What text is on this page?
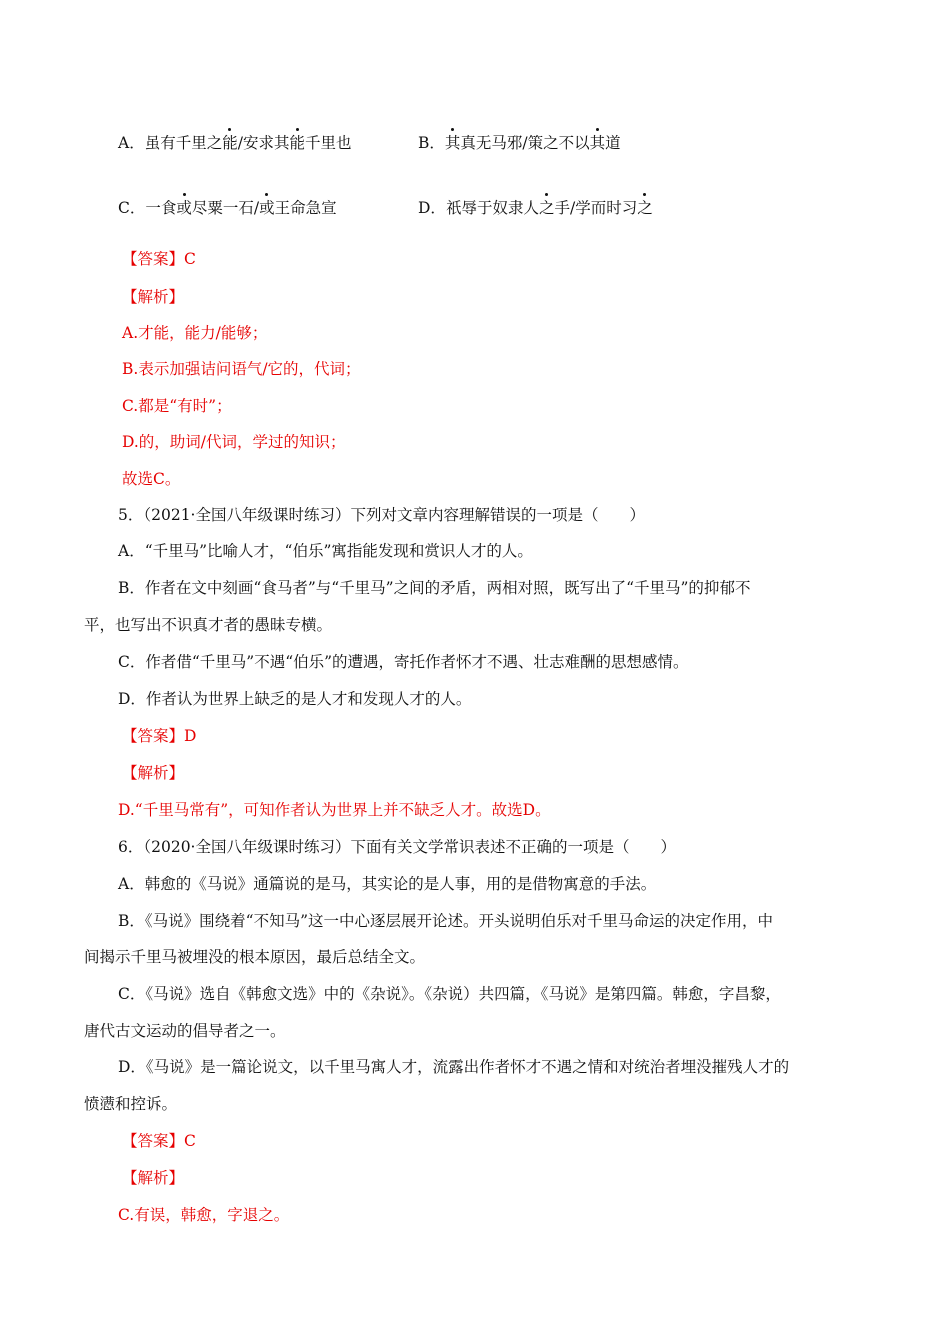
A．虽有千里之能/安求其能千里也	B．其真无马邪/策之不以其道
C．一食或尽粟一石/或王命急宣	D．祇辱于奴隶人之手/学而时习之
【答案】C
【解析】
A.才能，能力/能够；
B.表示加强诘问语气/它的，代词；
C.都是“有时”；
D.的，助词/代词，学过的知识；
故选C。
5．（2021·全国八年级课时练习）下列对文章内容理解错误的一项是（　　）
A．“千里马”比喻人才，“伯乐”寓指能发现和赏识人才的人。
B．作者在文中刻画“食马者”与“千里马”之间的矛盾，两相对照，既写出了“千里马”的抑郁不
平，也写出不识真才者的愚昧专横。
C．作者借“千里马”不遇“伯乐”的遭遇，寄托作者怀才不遇、壮志难酬的思想感情。
D．作者认为世界上缺乏的是人才和发现人才的人。
【答案】D
【解析】
D.“千里马常有”，可知作者认为世界上并不缺乏人才。故选D。
6．（2020·全国八年级课时练习）下面有关文学常识表述不正确的一项是（　　）
A．韩愈的《马说》通篇说的是马，其实论的是人事，用的是借物寓意的手法。
B．《马说》围绕着“不知马”这一中心逐层展开论述。开头说明伯乐对千里马命运的决定作用，中
间揭示千里马被埋没的根本原因，最后总结全文。
C．《马说》选自《韩愈文选》中的《杂说》。《杂说）共四篇，《马说》是第四篇。韩愈，字昌黎，
唐代古文运动的倡导者之一。
D．《马说》是一篇论说文，以千里马寓人才，流露出作者怀才不遇之情和对统治者埋没摧残人才的
愤懑和控诉。
【答案】C
【解析】
C.有误，韩愈，字退之。
